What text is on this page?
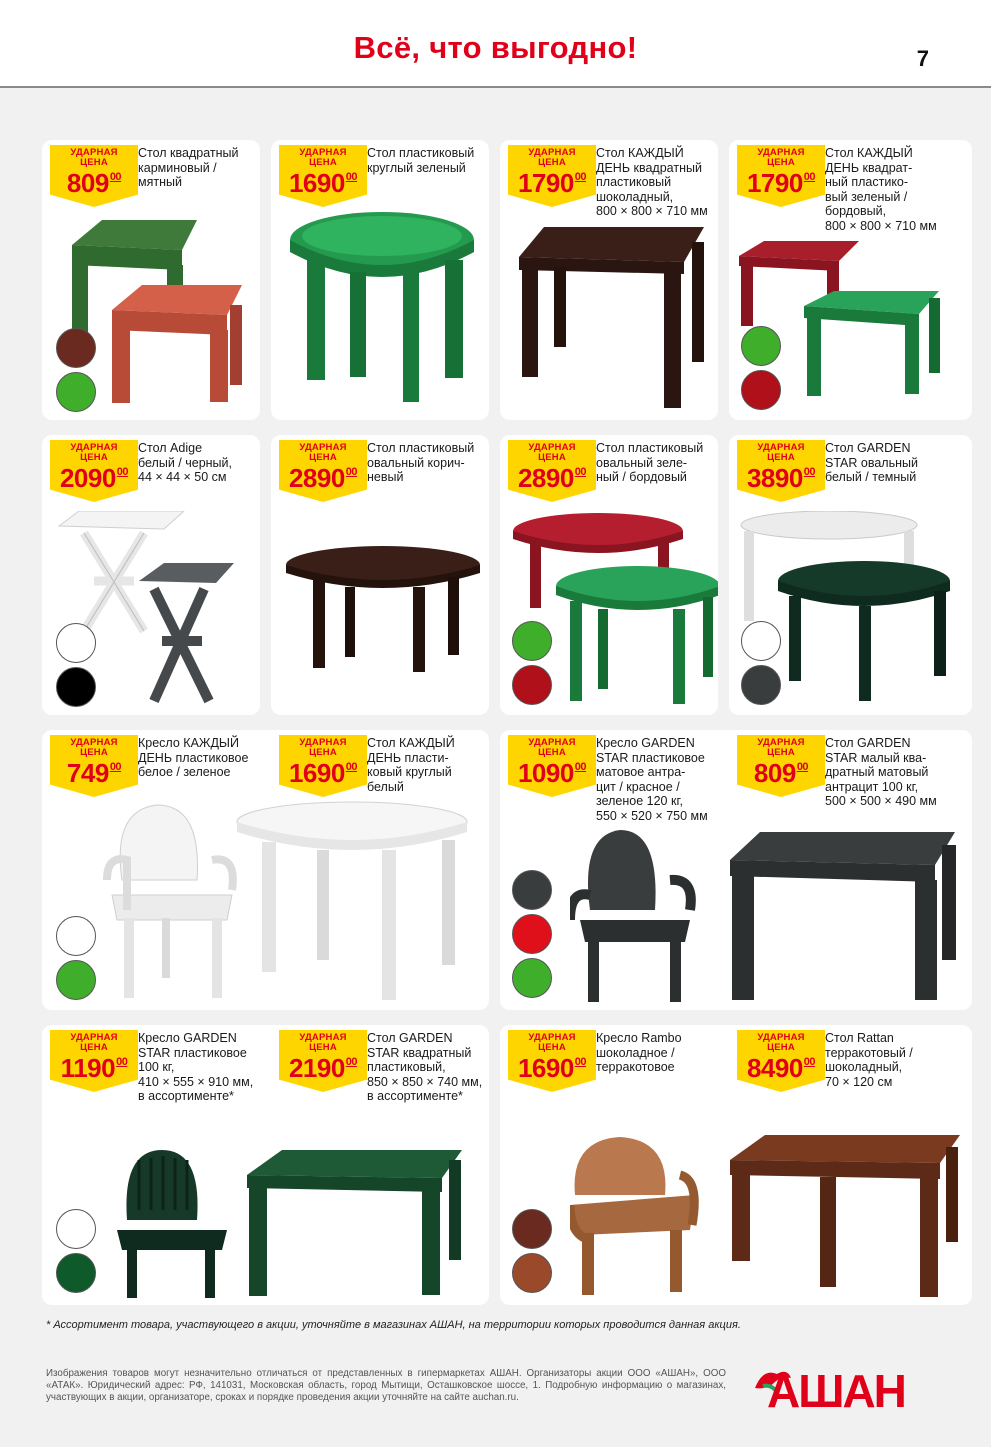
Всё, что выгодно!	7
УДАРНАЯ
ЦЕНА
$809^{00}$
Стол квадратный
карминовый /
мятный
УДАРНАЯ
ЦЕНА
1690$^{00}$
Стол пластиковый
круглый зеленый
УДАРНАЯ
ЦЕНА
1790$^{00}$
Стол КАЖДЫЙ
ДЕНЬ квадратный
пластиковый
шоколадный,
800 × 800 × 710 мм
УДАРНАЯ
ЦЕНА
1790$^{00}$
Стол КАЖДЫЙ
ДЕНЬ квадрат-
ный пластико-
вый зеленый /
бордовый,
800 × 800 × 710 мм
УДАРНАЯ
ЦЕНА
2090$^{00}$
Стол Adige
белый / черный,
44 × 44 × 50 см
УДАРНАЯ
ЦЕНА
2890$^{00}$
Стол пластиковый
овальный корич-
невый
УДАРНАЯ
ЦЕНА
2890$^{00}$
Стол пластиковый
овальный зеле-
ный / бордовый
УДАРНАЯ
ЦЕНА
3890$^{00}$
Стол GARDEN
STAR овальный
белый / темный
УДАРНАЯ
ЦЕНА
$749^{00}$
Кресло КАЖДЫЙ
ДЕНЬ пластиковое
белое / зеленое
УДАРНАЯ
ЦЕНА
1690$^{00}$
Стол КАЖДЫЙ
ДЕНЬ пласти-
ковый круглый
белый
УДАРНАЯ
ЦЕНА
1090$^{00}$
Кресло GARDEN
STAR пластиковое
матовое антра-
цит / красное /
зеленое 120 кг,
550 × 520 × 750 мм
УДАРНАЯ
ЦЕНА
$809^{00}$
Стол GARDEN
STAR малый ква-
дратный матовый
антрацит 100 кг,
500 × 500 × 490 мм
УДАРНАЯ
ЦЕНА
1190$^{00}$
Кресло GARDEN
STAR пластиковое
100 кг,
410 × 555 × 910 мм,
в ассортименте*
УДАРНАЯ
ЦЕНА
2190$^{00}$
Стол GARDEN
STAR квадратный
пластиковый,
850 × 850 × 740 мм,
в ассортименте*
УДАРНАЯ
ЦЕНА
1690$^{00}$
Кресло Rambo
шоколадное /
терракотовое
УДАРНАЯ
ЦЕНА
8490$^{00}$
Стол Rattan
терракотовый /
шоколадный,
70 × 120 см
* Ассортимент товара, участвующего в акции, уточняйте в магазинах АШАН, на территории которых проводится данная акция.
Изображения товаров могут незначительно отличаться от представленных в гипермаркетах АШАН. Организаторы акции ООО «АШАН», ООО «АТАК». Юридический адрес: РФ, 141031, Московская область, город Мытищи, Осташковское шоссе, 1. Подробную информацию о магазинах, участвующих в акции, организаторе, сроках и порядке проведения акции уточняйте на сайте auchan.ru.	АШАН
